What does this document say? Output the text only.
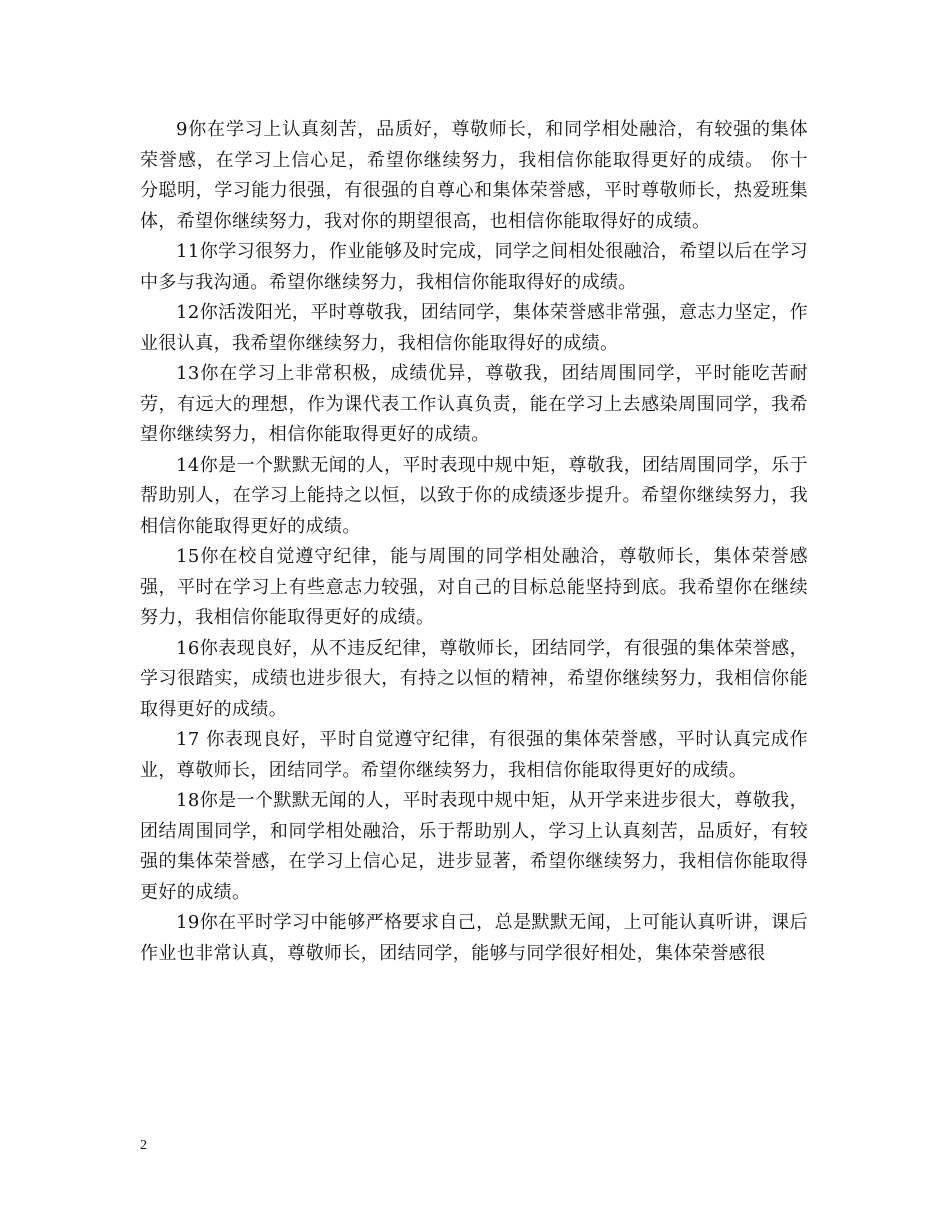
9你在学习上认真刻苦，品质好，尊敬师长，和同学相处融洽，有较强的集体荣誉感，在学习上信心足，希望你继续努力，我相信你能取得更好的成绩。 你十分聪明，学习能力很强，有很强的自尊心和集体荣誉感，平时尊敬师长，热爱班集体，希望你继续努力，我对你的期望很高，也相信你能取得好的成绩。

11你学习很努力，作业能够及时完成，同学之间相处很融洽，希望以后在学习中多与我沟通。希望你继续努力，我相信你能取得好的成绩。

12你活泼阳光，平时尊敬我，团结同学，集体荣誉感非常强，意志力坚定，作业很认真，我希望你继续努力，我相信你能取得好的成绩。

13你在学习上非常积极，成绩优异，尊敬我，团结周围同学，平时能吃苦耐劳，有远大的理想，作为课代表工作认真负责，能在学习上去感染周围同学，我希望你继续努力，相信你能取得更好的成绩。

14你是一个默默无闻的人，平时表现中规中矩，尊敬我，团结周围同学，乐于帮助别人，在学习上能持之以恒，以致于你的成绩逐步提升。希望你继续努力，我相信你能取得更好的成绩。

15你在校自觉遵守纪律，能与周围的同学相处融洽，尊敬师长，集体荣誉感强，平时在学习上有些意志力较强，对自己的目标总能坚持到底。我希望你在继续努力，我相信你能取得更好的成绩。

16你表现良好，从不违反纪律，尊敬师长，团结同学，有很强的集体荣誉感，学习很踏实，成绩也进步很大，有持之以恒的精神，希望你继续努力，我相信你能取得更好的成绩。

17 你表现良好，平时自觉遵守纪律，有很强的集体荣誉感，平时认真完成作业，尊敬师长，团结同学。希望你继续努力，我相信你能取得更好的成绩。

18你是一个默默无闻的人，平时表现中规中矩，从开学来进步很大，尊敬我，团结周围同学，和同学相处融洽，乐于帮助别人，学习上认真刻苦，品质好，有较强的集体荣誉感，在学习上信心足，进步显著，希望你继续努力，我相信你能取得更好的成绩。

19你在平时学习中能够严格要求自己，总是默默无闻，上可能认真听讲，课后作业也非常认真，尊敬师长，团结同学，能够与同学很好相处，集体荣誉感很

2
